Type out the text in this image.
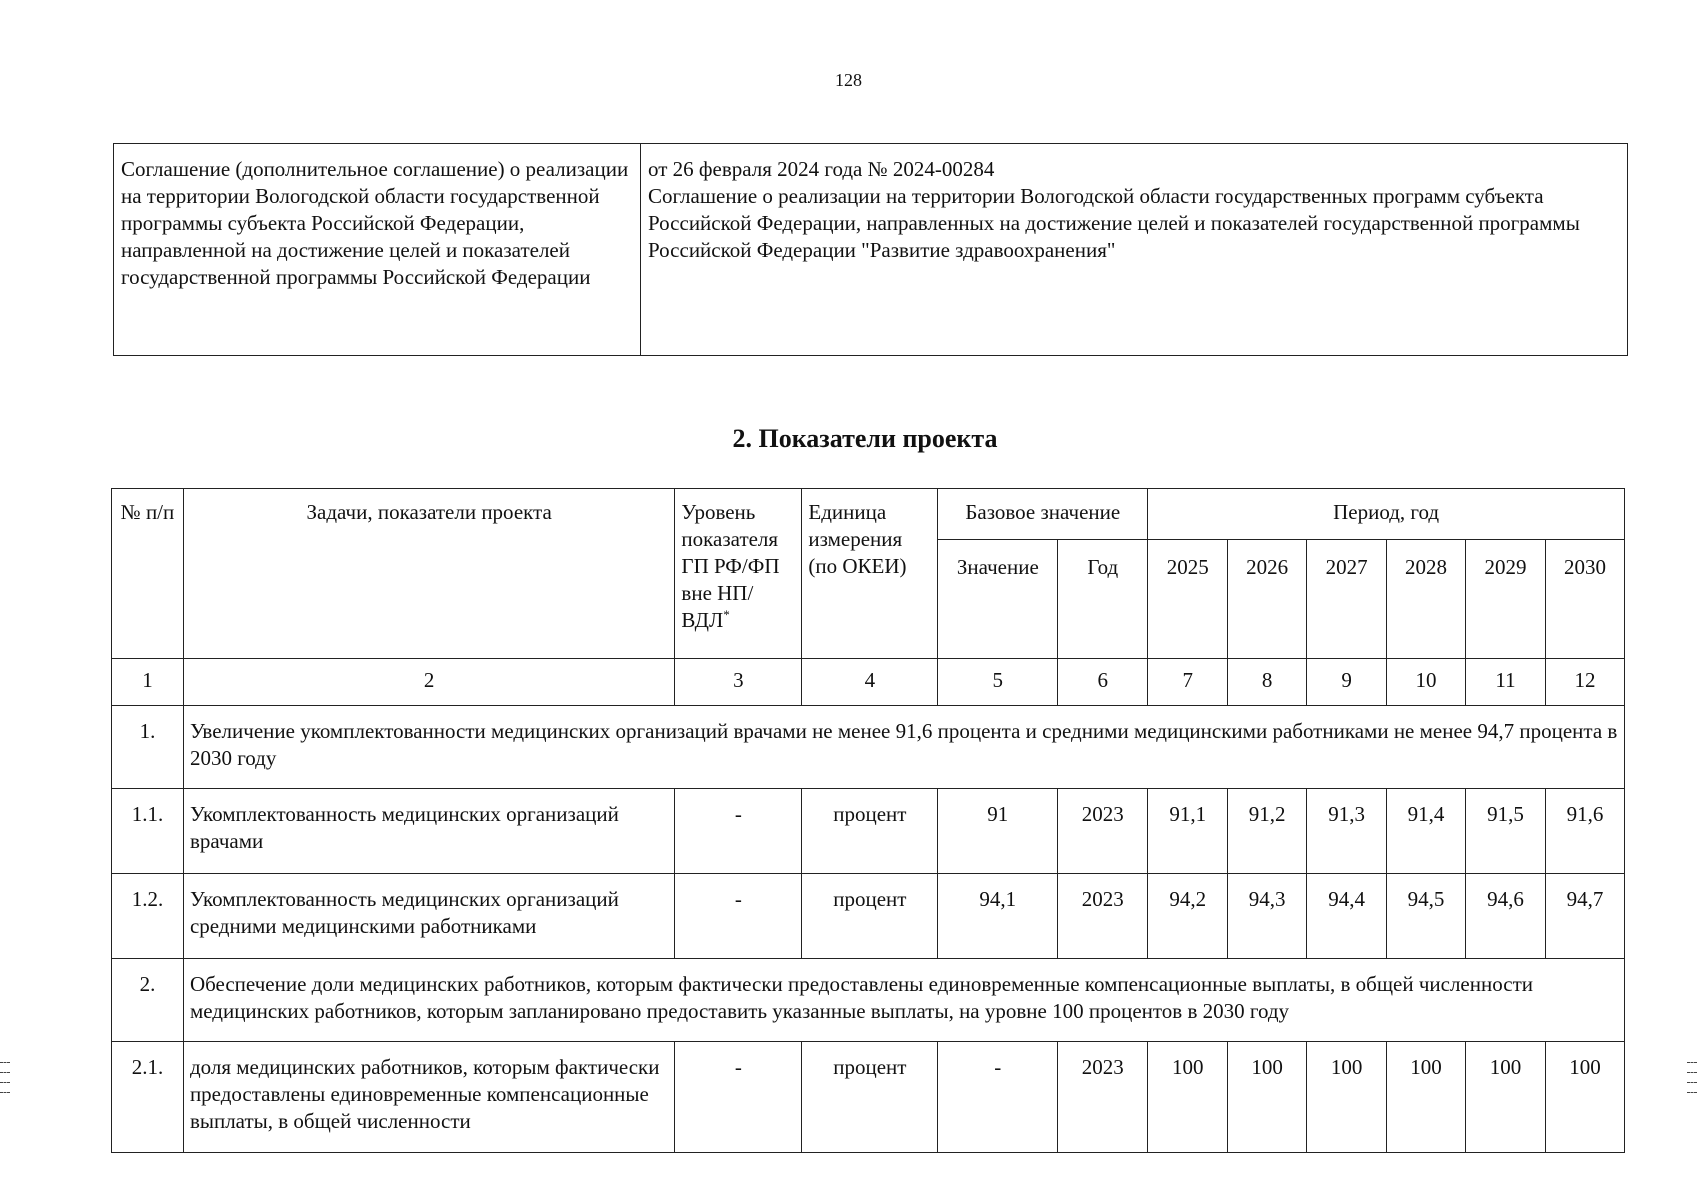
128
Соглашение (дополнительное соглашение) о реализации на территории Вологодской области государственной программы субъекта Российской Федерации, направленной на достижение целей и показателей государственной программы Российской Федерации	
от 26 февраля 2024 года № 2024-00284
Соглашение о реализации на территории Вологодской области государственных программ субъекта Российской Федерации, направленных на достижение целей и показателей государственной программы Российской Федерации "Развитие здравоохранения"
2. Показатели проекта
№ п/п	Задачи, показатели проекта	Уровень показателя ГП РФ/ФП вне НП/ВДЛ*	Единица измерения (по ОКЕИ)	Базовое значение		Период, год					
				Значение	Год	2025	2026	2027	2028	2029	2030
1	2	3	4	5	6	7	8	9	10	11	12
1.	Увеличение укомплектованности медицинских организаций врачами не менее 91,6 процента и средними медицинскими работниками не менее 94,7 процента в 2030 году										
1.1.	Укомплектованность медицинских организаций врачами	-	процент	91	2023	91,1	91,2	91,3	91,4	91,5	91,6
1.2.	Укомплектованность медицинских организаций средними медицинскими работниками	-	процент	94,1	2023	94,2	94,3	94,4	94,5	94,6	94,7
2.	Обеспечение доли медицинских работников, которым фактически предоставлены единовременные компенсационные выплаты, в общей численности медицинских работников, которым запланировано предоставить указанные выплаты, на уровне 100 процентов в 2030 году										
2.1.	доля медицинских работников, которым фактически предоставлены единовременные компенсационные выплаты, в общей численности	-	процент	-	2023	100	100	100	100	100	100
